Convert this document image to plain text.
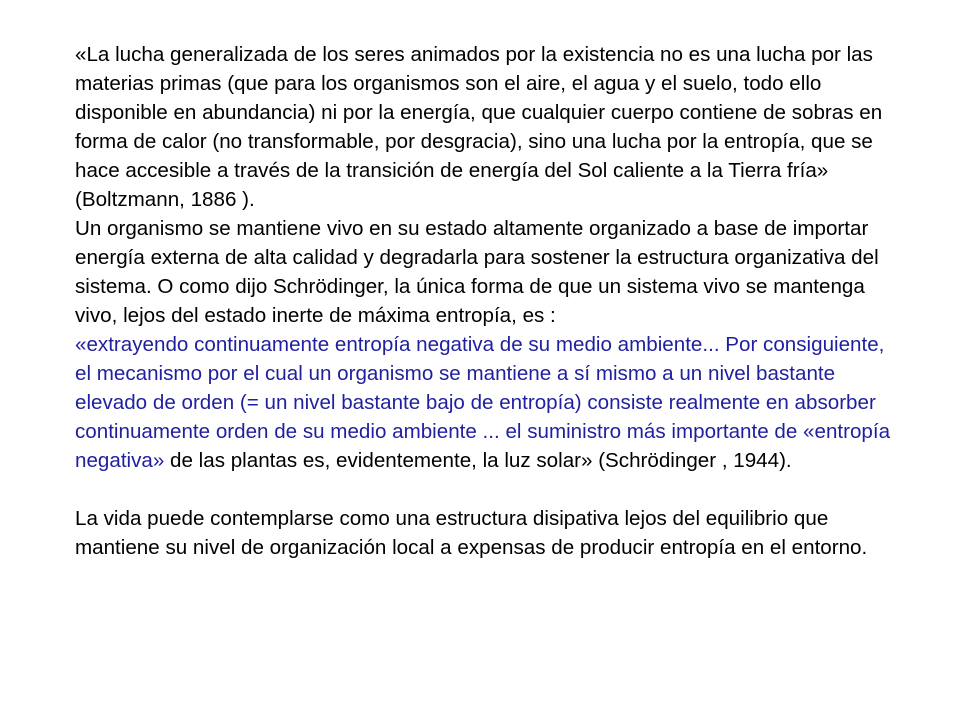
«La lucha generalizada de los seres animados por la existencia no es una lucha por las materias primas (que para los organismos son el aire, el agua y el suelo, todo ello disponible en abundancia) ni por la energía, que cualquier cuerpo contiene de sobras en forma de calor (no transformable, por desgracia), sino una lucha por la entropía, que se hace accesible a través de la transición de energía del Sol caliente a la Tierra fría» (Boltzmann, 1886 ).

Un organismo se mantiene vivo en su estado altamente organizado a base de importar energía externa de alta calidad y degradarla para sostener la estructura organizativa del sistema. O como dijo Schrödinger, la única forma de que un sistema vivo se mantenga vivo, lejos del estado inerte de máxima entropía, es :

«extrayendo continuamente entropía negativa de su medio ambiente... Por consiguiente, el mecanismo por el cual un organismo se mantiene a sí mismo a un nivel bastante elevado de orden (= un nivel bastante bajo de entropía) consiste realmente en absorber continuamente orden de su medio ambiente ... el suministro más importante de «entropía negativa» de las plantas es, evidentemente, la luz solar» (Schrödinger , 1944).

La vida puede contemplarse como una estructura disipativa lejos del equilibrio que mantiene su nivel de organización local a expensas de producir entropía en el entorno.
